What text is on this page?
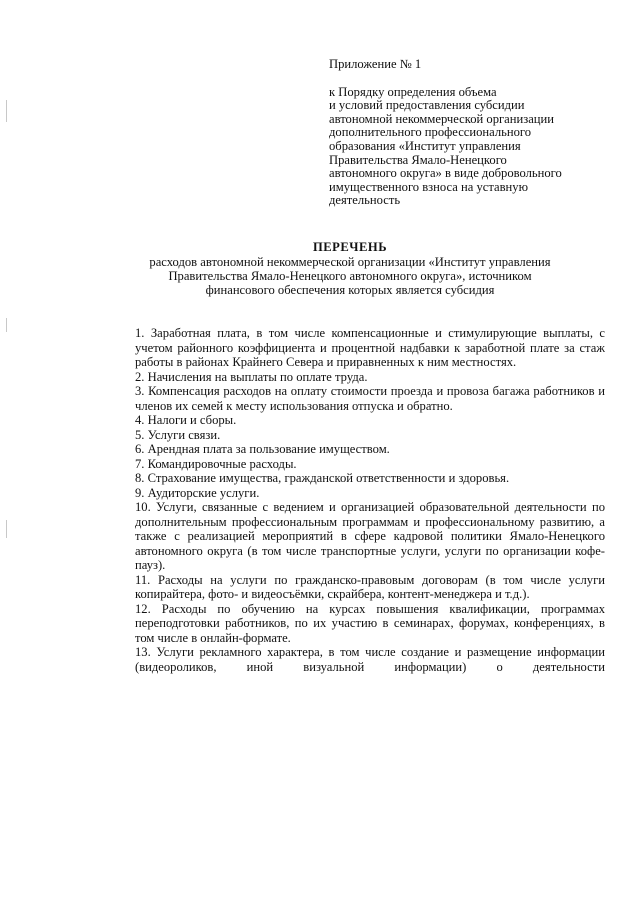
Приложение № 1
к Порядку определения объема
и условий предоставления субсидии
автономной некоммерческой организации
дополнительного профессионального
образования «Институт управления
Правительства Ямало-Ненецкого
автономного округа» в виде добровольного
имущественного взноса на уставную
деятельность
ПЕРЕЧЕНЬ
расходов автономной некоммерческой организации «Институт управления
Правительства Ямало-Ненецкого автономного округа», источником
финансового обеспечения которых является субсидия

1. Заработная плата, в том числе компенсационные и стимулирующие выплаты, с учетом районного коэффициента и процентной надбавки к заработной плате за стаж работы в районах Крайнего Севера и приравненных к ним местностях.

2. Начисления на выплаты по оплате труда.

3. Компенсация расходов на оплату стоимости проезда и провоза багажа работников и членов их семей к месту использования отпуска и обратно.

4. Налоги и сборы.

5. Услуги связи.

6. Арендная плата за пользование имуществом.

7. Командировочные расходы.

8. Страхование имущества, гражданской ответственности и здоровья.

9. Аудиторские услуги.

10. Услуги, связанные с ведением и организацией образовательной деятельности по дополнительным профессиональным программам и профессиональному развитию, а также с реализацией мероприятий в сфере кадровой политики Ямало-Ненецкого автономного округа (в том числе транспортные услуги, услуги по организации кофе-пауз).

11. Расходы на услуги по гражданско-правовым договорам (в том числе услуги копирайтера, фото- и видеосъёмки, скрайбера, контент-менеджера и т.д.).

12. Расходы по обучению на курсах повышения квалификации, программах переподготовки работников, по их участию в семинарах, форумах, конференциях, в том числе в онлайн-формате.

13. Услуги рекламного характера, в том числе создание и размещение информации (видеороликов, иной визуальной информации) о деятельности
